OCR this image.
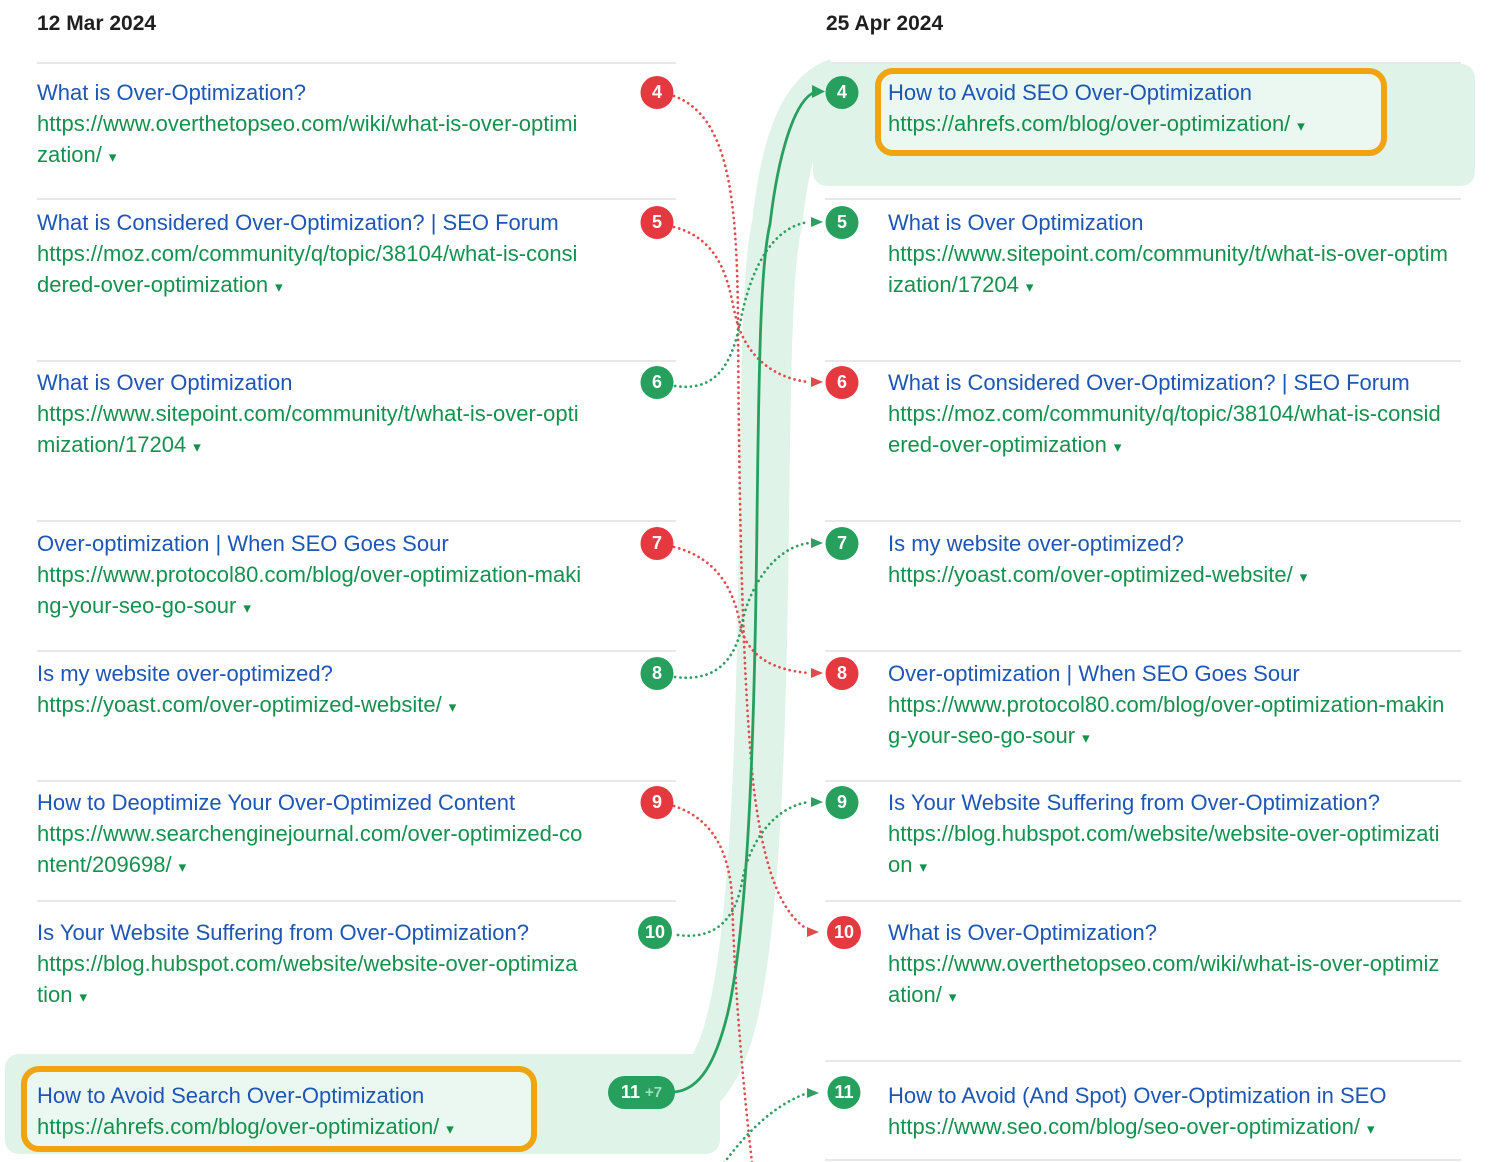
12 Mar 2024	25 Apr 2024
What is Over-Optimization?
https://www.overthetopseo.com/wiki/what-is-over-optimization/ ▾
What is Considered Over-Optimization? | SEO Forum
https://moz.com/community/q/topic/38104/what-is-considered-over-optimization ▾
What is Over Optimization
https://www.sitepoint.com/community/t/what-is-over-optimization/17204 ▾
Over-optimization | When SEO Goes Sour
https://www.protocol80.com/blog/over-optimization-making-your-seo-go-sour ▾
Is my website over-optimized?
https://yoast.com/over-optimized-website/ ▾
How to Deoptimize Your Over-Optimized Content
https://www.searchenginejournal.com/over-optimized-content/209698/ ▾
Is Your Website Suffering from Over-Optimization?
https://blog.hubspot.com/website/website-over-optimization ▾
How to Avoid Search Over-Optimization
https://ahrefs.com/blog/over-optimization/ ▾
How to Avoid SEO Over-Optimization
https://ahrefs.com/blog/over-optimization/ ▾
What is Over Optimization
https://www.sitepoint.com/community/t/what-is-over-optimization/17204 ▾
What is Considered Over-Optimization? | SEO Forum
https://moz.com/community/q/topic/38104/what-is-considered-over-optimization ▾
Is my website over-optimized?
https://yoast.com/over-optimized-website/ ▾
Over-optimization | When SEO Goes Sour
https://www.protocol80.com/blog/over-optimization-making-your-seo-go-sour ▾
Is Your Website Suffering from Over-Optimization?
https://blog.hubspot.com/website/website-over-optimization ▾
What is Over-Optimization?
https://www.overthetopseo.com/wiki/what-is-over-optimization/ ▾
How to Avoid (And Spot) Over-Optimization in SEO
https://www.seo.com/blog/seo-over-optimization/ ▾
4
5
6
7
8
9
10
11 +7
4
5
6
7
8
9
10
11
